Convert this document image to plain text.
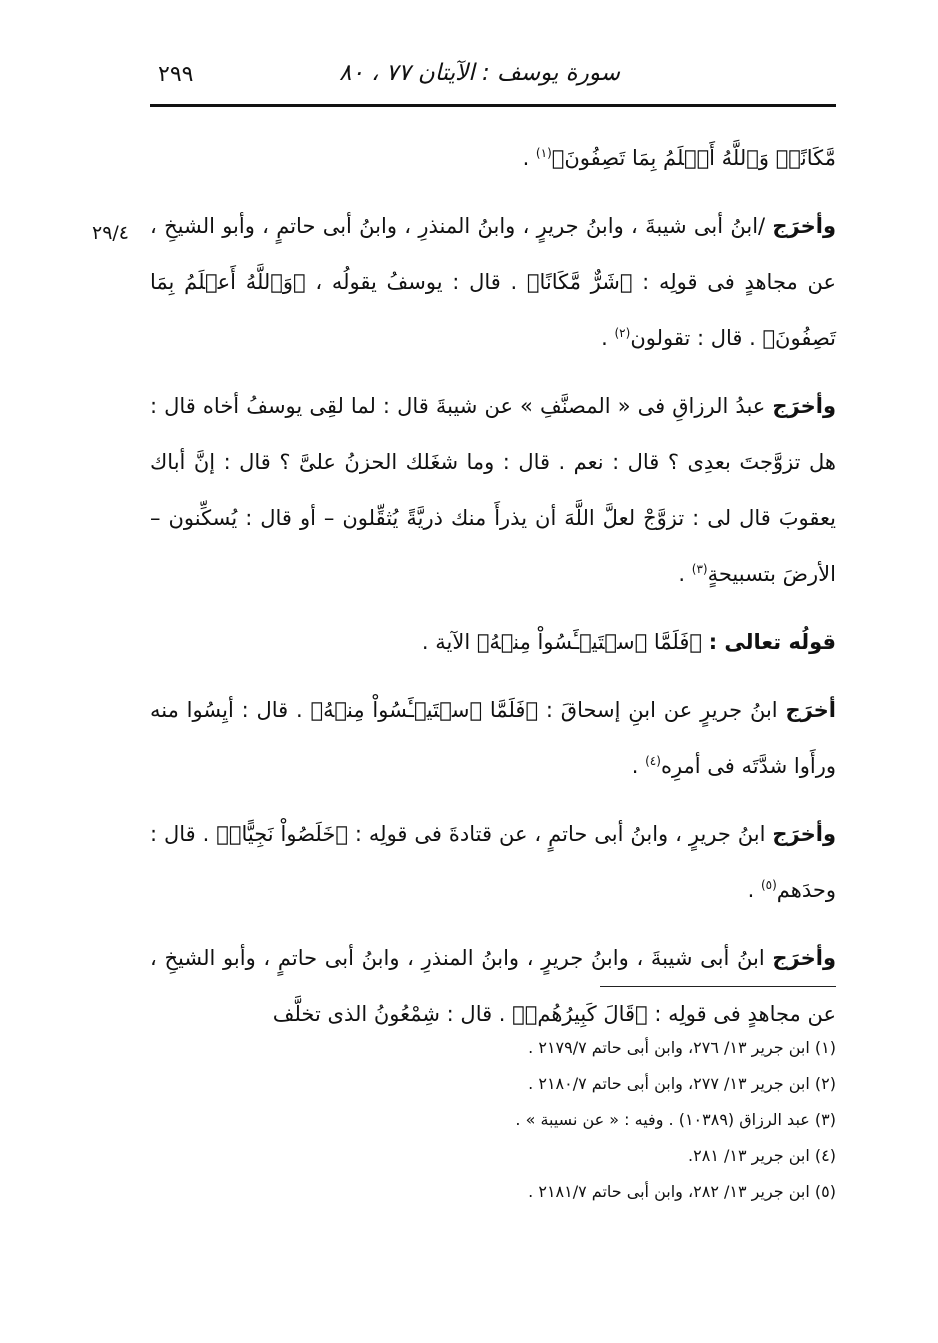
٢٩٩	سورة يوسف : الآيتان ٧٧ ، ٨٠
٢٩/٤

مَّكَانًاۖ وَٱللَّهُ أَعۡلَمُ بِمَا تَصِفُونَ﴾$^{(١)}$ .

وأخرَج /ابنُ أبى شيبةَ ، وابنُ جريرٍ ، وابنُ المنذرِ ، وابنُ أبى حاتمٍ ، وأبو الشيخِ ، عن مجاهدٍ فى قولِه : ﴿شَرٌّ مَّكَانًا﴾ . قال : يوسفُ يقولُه ، ﴿وَٱللَّهُ أَعۡلَمُ بِمَا تَصِفُونَ﴾ . قال : تقولون$^{(٢)}$ .

وأخرَج عبدُ الرزاقِ فى « المصنَّفِ » عن شيبةَ قال : لما لقِى يوسفُ أخاه قال : هل تزوَّجتَ بعدِى ؟ قال : نعم . قال : وما شغَلك الحزنُ علىَّ ؟ قال : إنَّ أباك يعقوبَ قال لى : تزوَّجْ لعلَّ اللَّهَ أن يذرأَ منك ذريَّةً يُثقِّلون – أو قال : يُسكِّنون – الأرضَ بتسبيحةٍ$^{(٣)}$ .

قولُه تعالى : ﴿فَلَمَّا ٱسۡتَيۡـَٔسُواْ مِنۡهُ﴾ الآية .

أخرَج ابنُ جريرٍ عن ابنِ إسحاقَ : ﴿فَلَمَّا ٱسۡتَيۡـَٔسُواْ مِنۡهُ﴾ . قال : أيِسُوا منه ورأَوا شدَّتَه فى أمرِه$^{(٤)}$ .

وأخرَج ابنُ جريرٍ ، وابنُ أبى حاتمٍ ، عن قتادةَ فى قولِه : ﴿خَلَصُواْ نَجِيًّاۖ﴾ . قال : وحدَهم$^{(٥)}$ .

وأخرَج ابنُ أبى شيبةَ ، وابنُ جريرٍ ، وابنُ المنذرِ ، وابنُ أبى حاتمٍ ، وأبو الشيخِ ، عن مجاهدٍ فى قولِه : ﴿قَالَ كَبِيرُهُمۡ﴾ . قال : شِمْعُونُ الذى تخلَّف

(١) ابن جرير ١٣/ ٢٧٦، وابن أبى حاتم ٢١٧٩/٧ .
(٢) ابن جرير ١٣/ ٢٧٧، وابن أبى حاتم ٢١٨٠/٧ .
(٣) عبد الرزاق (١٠٣٨٩) . وفيه : « عن نسيبة » .
(٤) ابن جرير ١٣/ ٢٨١.
(٥) ابن جرير ١٣/ ٢٨٢، وابن أبى حاتم ٢١٨١/٧ .
